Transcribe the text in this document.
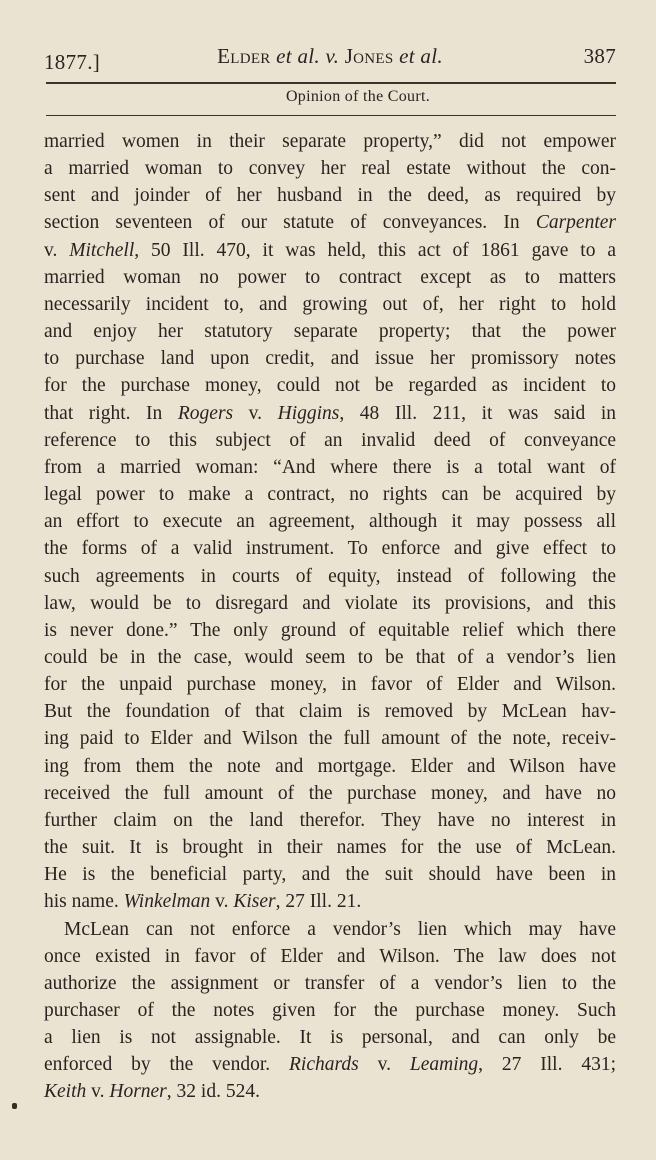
1877.]	Elder et al. v. Jones et al.	387
Opinion of the Court.
married women in their separate property,” did not empower
a married woman to convey her real estate without the con-
sent and joinder of her husband in the deed, as required by
section seventeen of our statute of conveyances. In Carpenter
v. Mitchell, 50 Ill. 470, it was held, this act of 1861 gave to a
married woman no power to contract except as to matters
necessarily incident to, and growing out of, her right to hold
and enjoy her statutory separate property; that the power
to purchase land upon credit, and issue her promissory notes
for the purchase money, could not be regarded as incident to
that right. In Rogers v. Higgins, 48 Ill. 211, it was said in
reference to this subject of an invalid deed of conveyance
from a married woman: “And where there is a total want of
legal power to make a contract, no rights can be acquired by
an effort to execute an agreement, although it may possess all
the forms of a valid instrument. To enforce and give effect to
such agreements in courts of equity, instead of following the
law, would be to disregard and violate its provisions, and this
is never done.” The only ground of equitable relief which there
could be in the case, would seem to be that of a vendor’s lien
for the unpaid purchase money, in favor of Elder and Wilson.
But the foundation of that claim is removed by McLean hav-
ing paid to Elder and Wilson the full amount of the note, receiv-
ing from them the note and mortgage. Elder and Wilson have
received the full amount of the purchase money, and have no
further claim on the land therefor. They have no interest in
the suit. It is brought in their names for the use of McLean.
He is the beneficial party, and the suit should have been in
his name. Winkelman v. Kiser, 27 Ill. 21.
McLean can not enforce a vendor’s lien which may have
once existed in favor of Elder and Wilson. The law does not
authorize the assignment or transfer of a vendor’s lien to the
purchaser of the notes given for the purchase money. Such
a lien is not assignable. It is personal, and can only be
enforced by the vendor. Richards v. Leaming, 27 Ill. 431;
Keith v. Horner, 32 id. 524.
